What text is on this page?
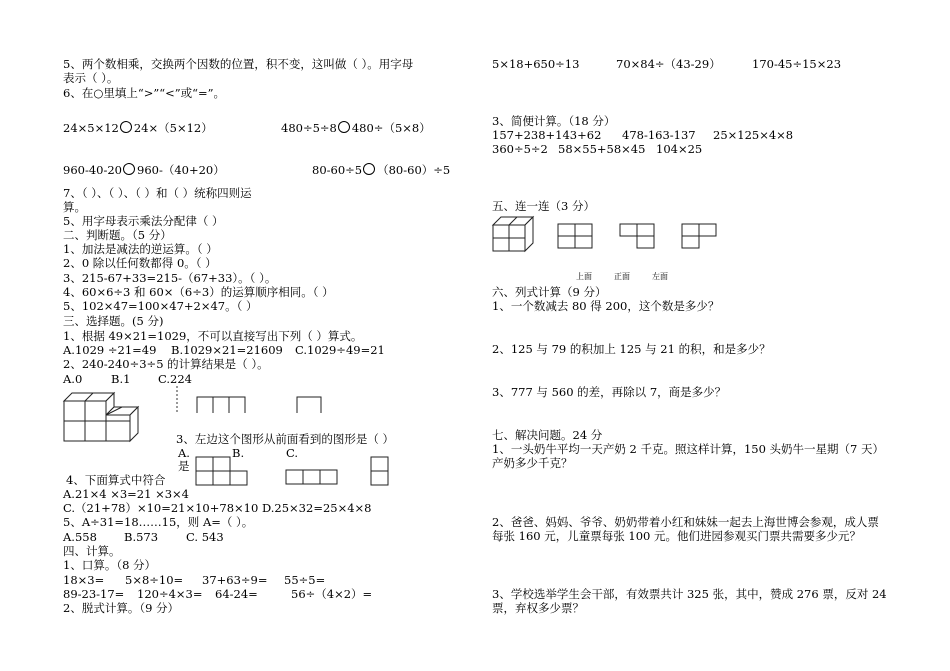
5、两个数相乘，交换两个因数的位置，积不变，这叫做（ ）。用字母
表示（ ）。
6、在○里填上“>”“<”或“=”。
24×5×12 24×（5×12）	480÷5÷8 480÷（5×8）
960-40-20 960-（40+20）	80-60÷5 （80-60）÷5
7、（ ）、（ ）、（ ）和（ ）统称四则运
算。
5、用字母表示乘法分配律（ ）
二、判断题。（5 分）
1、加法是减法的逆运算。（ ）
2、0 除以任何数都得 0。（ ）
3、215-67+33=215-（67+33）。（ ）。
4、60×6÷3 和 60×（6÷3）的运算顺序相同。（ ）
5、102×47=100×47+2×47。（ ）
三、选择题。(5 分)
1、根据 49×21=1029，不可以直接写出下列（ ）算式。
A.1029 ÷21=49 B.1029×21=21609 C.1029÷49=21
2、240-240÷3÷5 的计算结果是（ ）。
A.0 B.1 C.224
3、左边这个图形从前面看到的图形是（ ）
A.	B.	C.
是
4、下面算式中符合
A.21×4 ×3=21 ×3×4
C.（21+78）×10=21×10+78×10 D.25×32=25×4×8
5、A÷31=18……15，则 A=（ ）。
A.558 B.573 C. 543
四、计算。
1、口算。（8 分）
18×3= 5×8÷10= 37+63÷9= 55÷5=
89-23-17= 120÷4×3= 64-24=	56÷（4×2）=
2、脱式计算。（9 分）
5×18+650÷13	70×84÷（43-29）	170-45÷15×23
3、简便计算。（18 分）
157+238+143+62 478-163-137 25×125×4×8
360÷5÷2 58×55+58×45 104×25
五、连一连（3 分）
上面	正面	左面
六、列式计算（9 分）
1、一个数减去 80 得 200，这个数是多少？
2、125 与 79 的积加上 125 与 21 的积，和是多少？
3、777 与 560 的差，再除以 7，商是多少？
七、解决问题。24 分
1、一头奶牛平均一天产奶 2 千克。照这样计算，150 头奶牛一星期（7 天）
产奶多少千克？
2、爸爸、妈妈、爷爷、奶奶带着小红和妹妹一起去上海世博会参观，成人票
每张 160 元，儿童票每张 100 元。他们进园参观买门票共需要多少元？
3、学校选举学生会干部，有效票共计 325 张，其中，赞成 276 票，反对 24
票，弃权多少票？
